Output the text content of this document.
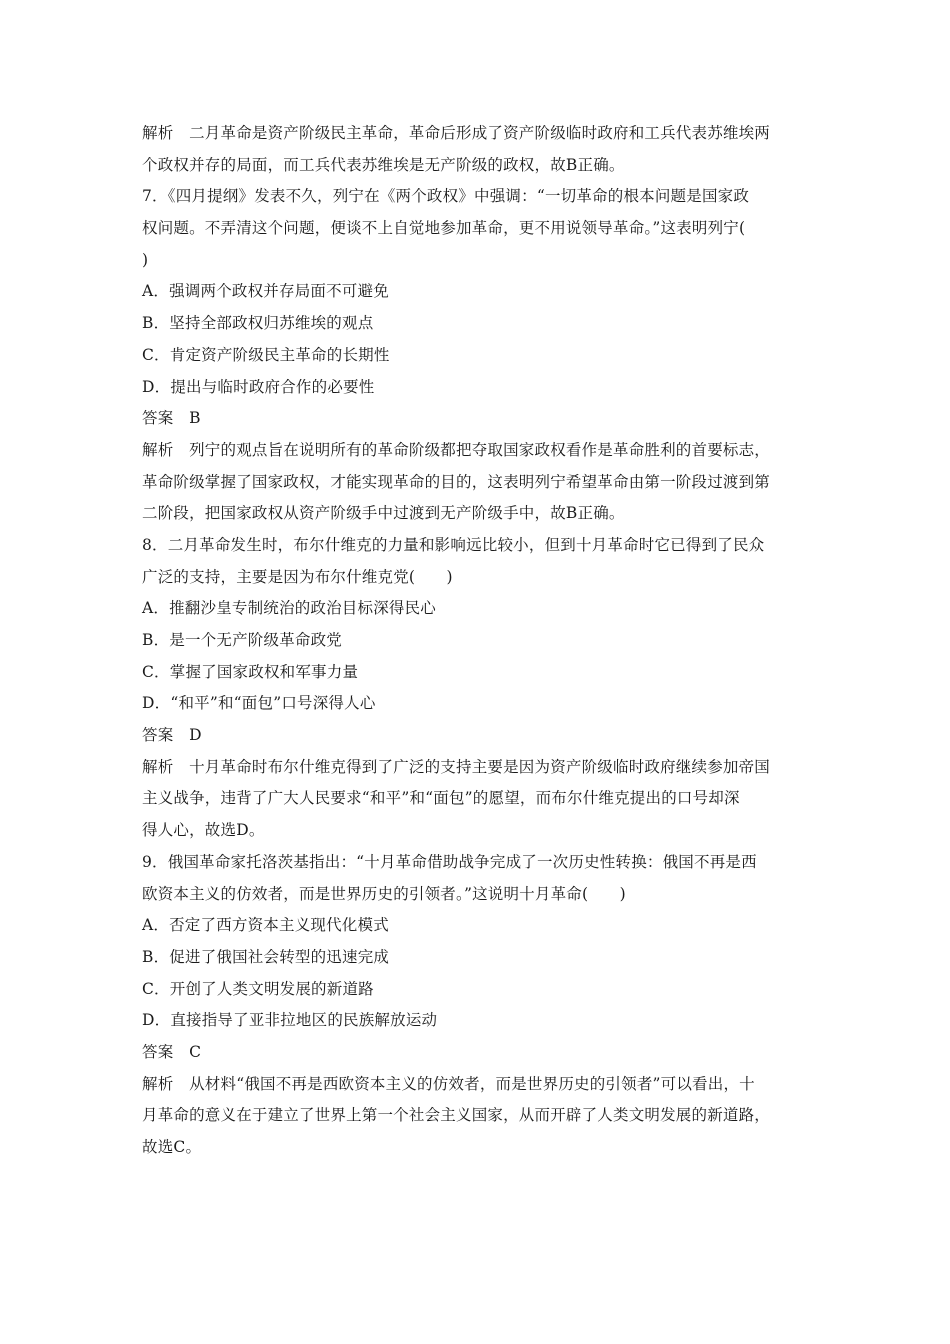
解析　二月革命是资产阶级民主革命，革命后形成了资产阶级临时政府和工兵代表苏维埃两
个政权并存的局面，而工兵代表苏维埃是无产阶级的政权，故B正确。
7．《四月提纲》发表不久，列宁在《两个政权》中强调：“一切革命的根本问题是国家政
权问题。不弄清这个问题，便谈不上自觉地参加革命，更不用说领导革命。”这表明列宁(
)
A．强调两个政权并存局面不可避免
B．坚持全部政权归苏维埃的观点
C．肯定资产阶级民主革命的长期性
D．提出与临时政府合作的必要性
答案　B
解析　列宁的观点旨在说明所有的革命阶级都把夺取国家政权看作是革命胜利的首要标志，
革命阶级掌握了国家政权，才能实现革命的目的，这表明列宁希望革命由第一阶段过渡到第
二阶段，把国家政权从资产阶级手中过渡到无产阶级手中，故B正确。
8．二月革命发生时，布尔什维克的力量和影响远比较小，但到十月革命时它已得到了民众
广泛的支持，主要是因为布尔什维克党(　　)
A．推翻沙皇专制统治的政治目标深得民心
B．是一个无产阶级革命政党
C．掌握了国家政权和军事力量
D．“和平”和“面包”口号深得人心
答案　D
解析　十月革命时布尔什维克得到了广泛的支持主要是因为资产阶级临时政府继续参加帝国
主义战争，违背了广大人民要求“和平”和“面包”的愿望，而布尔什维克提出的口号却深
得人心，故选D。
9．俄国革命家托洛茨基指出：“十月革命借助战争完成了一次历史性转换：俄国不再是西
欧资本主义的仿效者，而是世界历史的引领者。”这说明十月革命(　　)
A．否定了西方资本主义现代化模式
B．促进了俄国社会转型的迅速完成
C．开创了人类文明发展的新道路
D．直接指导了亚非拉地区的民族解放运动
答案　C
解析　从材料“俄国不再是西欧资本主义的仿效者，而是世界历史的引领者”可以看出，十
月革命的意义在于建立了世界上第一个社会主义国家，从而开辟了人类文明发展的新道路，
故选C。
